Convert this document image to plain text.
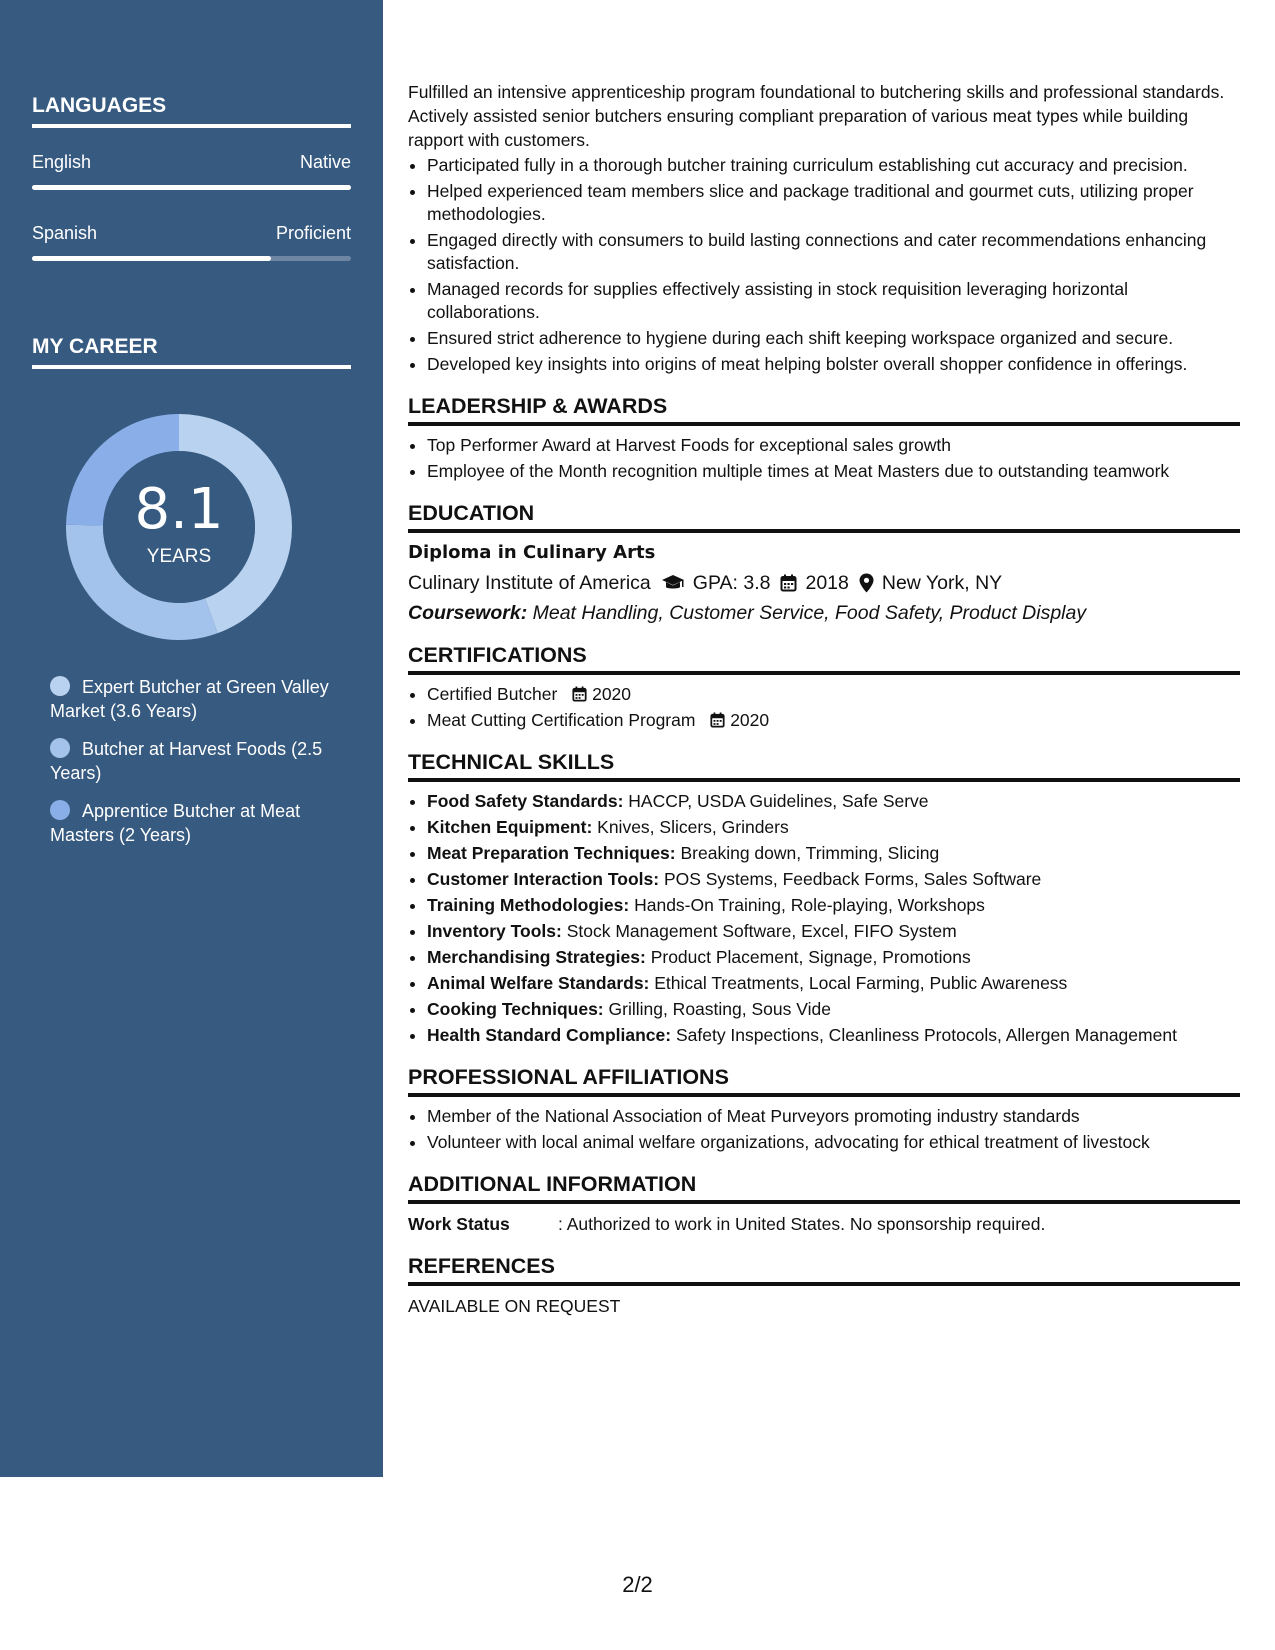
LANGUAGES
English	Native
Spanish	Proficient
MY CAREER
8.1
YEARS
Expert Butcher at Green Valley Market (3.6 Years)
Butcher at Harvest Foods (2.5 Years)
Apprentice Butcher at Meat Masters (2 Years)

Fulfilled an intensive apprenticeship program foundational to butchering skills and professional standards. Actively assisted senior butchers ensuring compliant preparation of various meat types while building rapport with customers.

• Participated fully in a thorough butcher training curriculum establishing cut accuracy and precision.
• Helped experienced team members slice and package traditional and gourmet cuts, utilizing proper methodologies.
• Engaged directly with consumers to build lasting connections and cater recommendations enhancing satisfaction.
• Managed records for supplies effectively assisting in stock requisition leveraging horizontal collaborations.
• Ensured strict adherence to hygiene during each shift keeping workspace organized and secure.
• Developed key insights into origins of meat helping bolster overall shopper confidence in offerings.
LEADERSHIP & AWARDS
• Top Performer Award at Harvest Foods for exceptional sales growth
• Employee of the Month recognition multiple times at Meat Masters due to outstanding teamwork
EDUCATION
Diploma in Culinary Arts
Culinary Institute of America GPA: 3.8 2018 New York, NY
Coursework: Meat Handling, Customer Service, Food Safety, Product Display
CERTIFICATIONS
• Certified Butcher 2020
• Meat Cutting Certification Program 2020
TECHNICAL SKILLS
• Food Safety Standards: HACCP, USDA Guidelines, Safe Serve
• Kitchen Equipment: Knives, Slicers, Grinders
• Meat Preparation Techniques: Breaking down, Trimming, Slicing
• Customer Interaction Tools: POS Systems, Feedback Forms, Sales Software
• Training Methodologies: Hands-On Training, Role-playing, Workshops
• Inventory Tools: Stock Management Software, Excel, FIFO System
• Merchandising Strategies: Product Placement, Signage, Promotions
• Animal Welfare Standards: Ethical Treatments, Local Farming, Public Awareness
• Cooking Techniques: Grilling, Roasting, Sous Vide
• Health Standard Compliance: Safety Inspections, Cleanliness Protocols, Allergen Management
PROFESSIONAL AFFILIATIONS
• Member of the National Association of Meat Purveyors promoting industry standards
• Volunteer with local animal welfare organizations, advocating for ethical treatment of livestock
ADDITIONAL INFORMATION
Work Status	: Authorized to work in United States. No sponsorship required.
REFERENCES

AVAILABLE ON REQUEST

2/2
